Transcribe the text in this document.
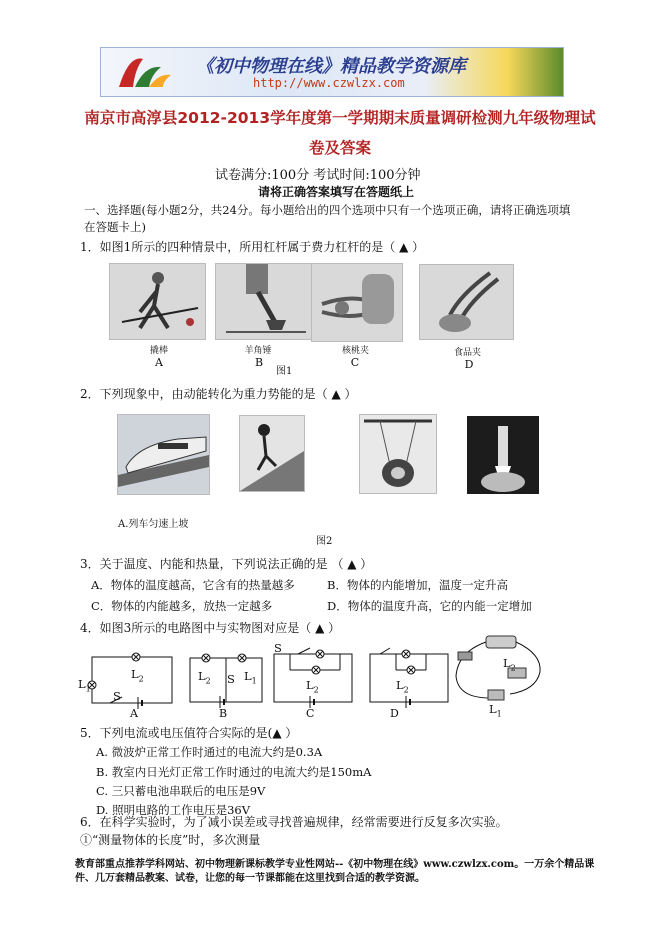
《初中物理在线》精品教学资源库
http://www.czwlzx.com
南京市高淳县2012-2013学年度第一学期期末质量调研检测九年级物理试
卷及答案
试卷满分:100分 考试时间:100分钟
请将正确答案填写在答题纸上
一、选择题(每小题2分，共24分。每小题给出的四个选项中只有一个选项正确，请将正确选项填
在答题卡上)
1．如图1所示的四种情景中，所用杠杆属于费力杠杆的是（ ▲ ）
撬棒	羊角锤	核桃夹	食品夹
A	B	C	D
图1
2．下列现象中，由动能转化为重力势能的是（ ▲ ）
A.列车匀速上坡
图2
3．关于温度、内能和热量，下列说法正确的是 （ ▲ ）
A．物体的温度越高，它含有的热量越多	B．物体的内能增加，温度一定升高
C．物体的内能越多，放热一定越多	D．物体的温度升高，它的内能一定增加
4．如图3所示的电路图中与实物图对应是（ ▲ ）
$L_2$
$L_1$
S
A
$L_2$ S $L_1$
B
S
$L_2$
C
$L_2$
D
$L_2$
$L_1$
5．下列电流或电压值符合实际的是(▲ ）
A. 微波炉正常工作时通过的电流大约是0.3A
B. 教室内日光灯正常工作时通过的电流大约是150mA
C. 三只蓄电池串联后的电压是9V
D. 照明电路的工作电压是36V
6．在科学实验时，为了减小误差或寻找普遍规律，经常需要进行反复多次实验。
①“测量物体的长度”时，多次测量
教育部重点推荐学科网站、初中物理新课标教学专业性网站--《初中物理在线》www.czwlzx.com。一万余个精品课件、几万套精品教案、试卷，让您的每一节课都能在这里找到合适的教学资源。
